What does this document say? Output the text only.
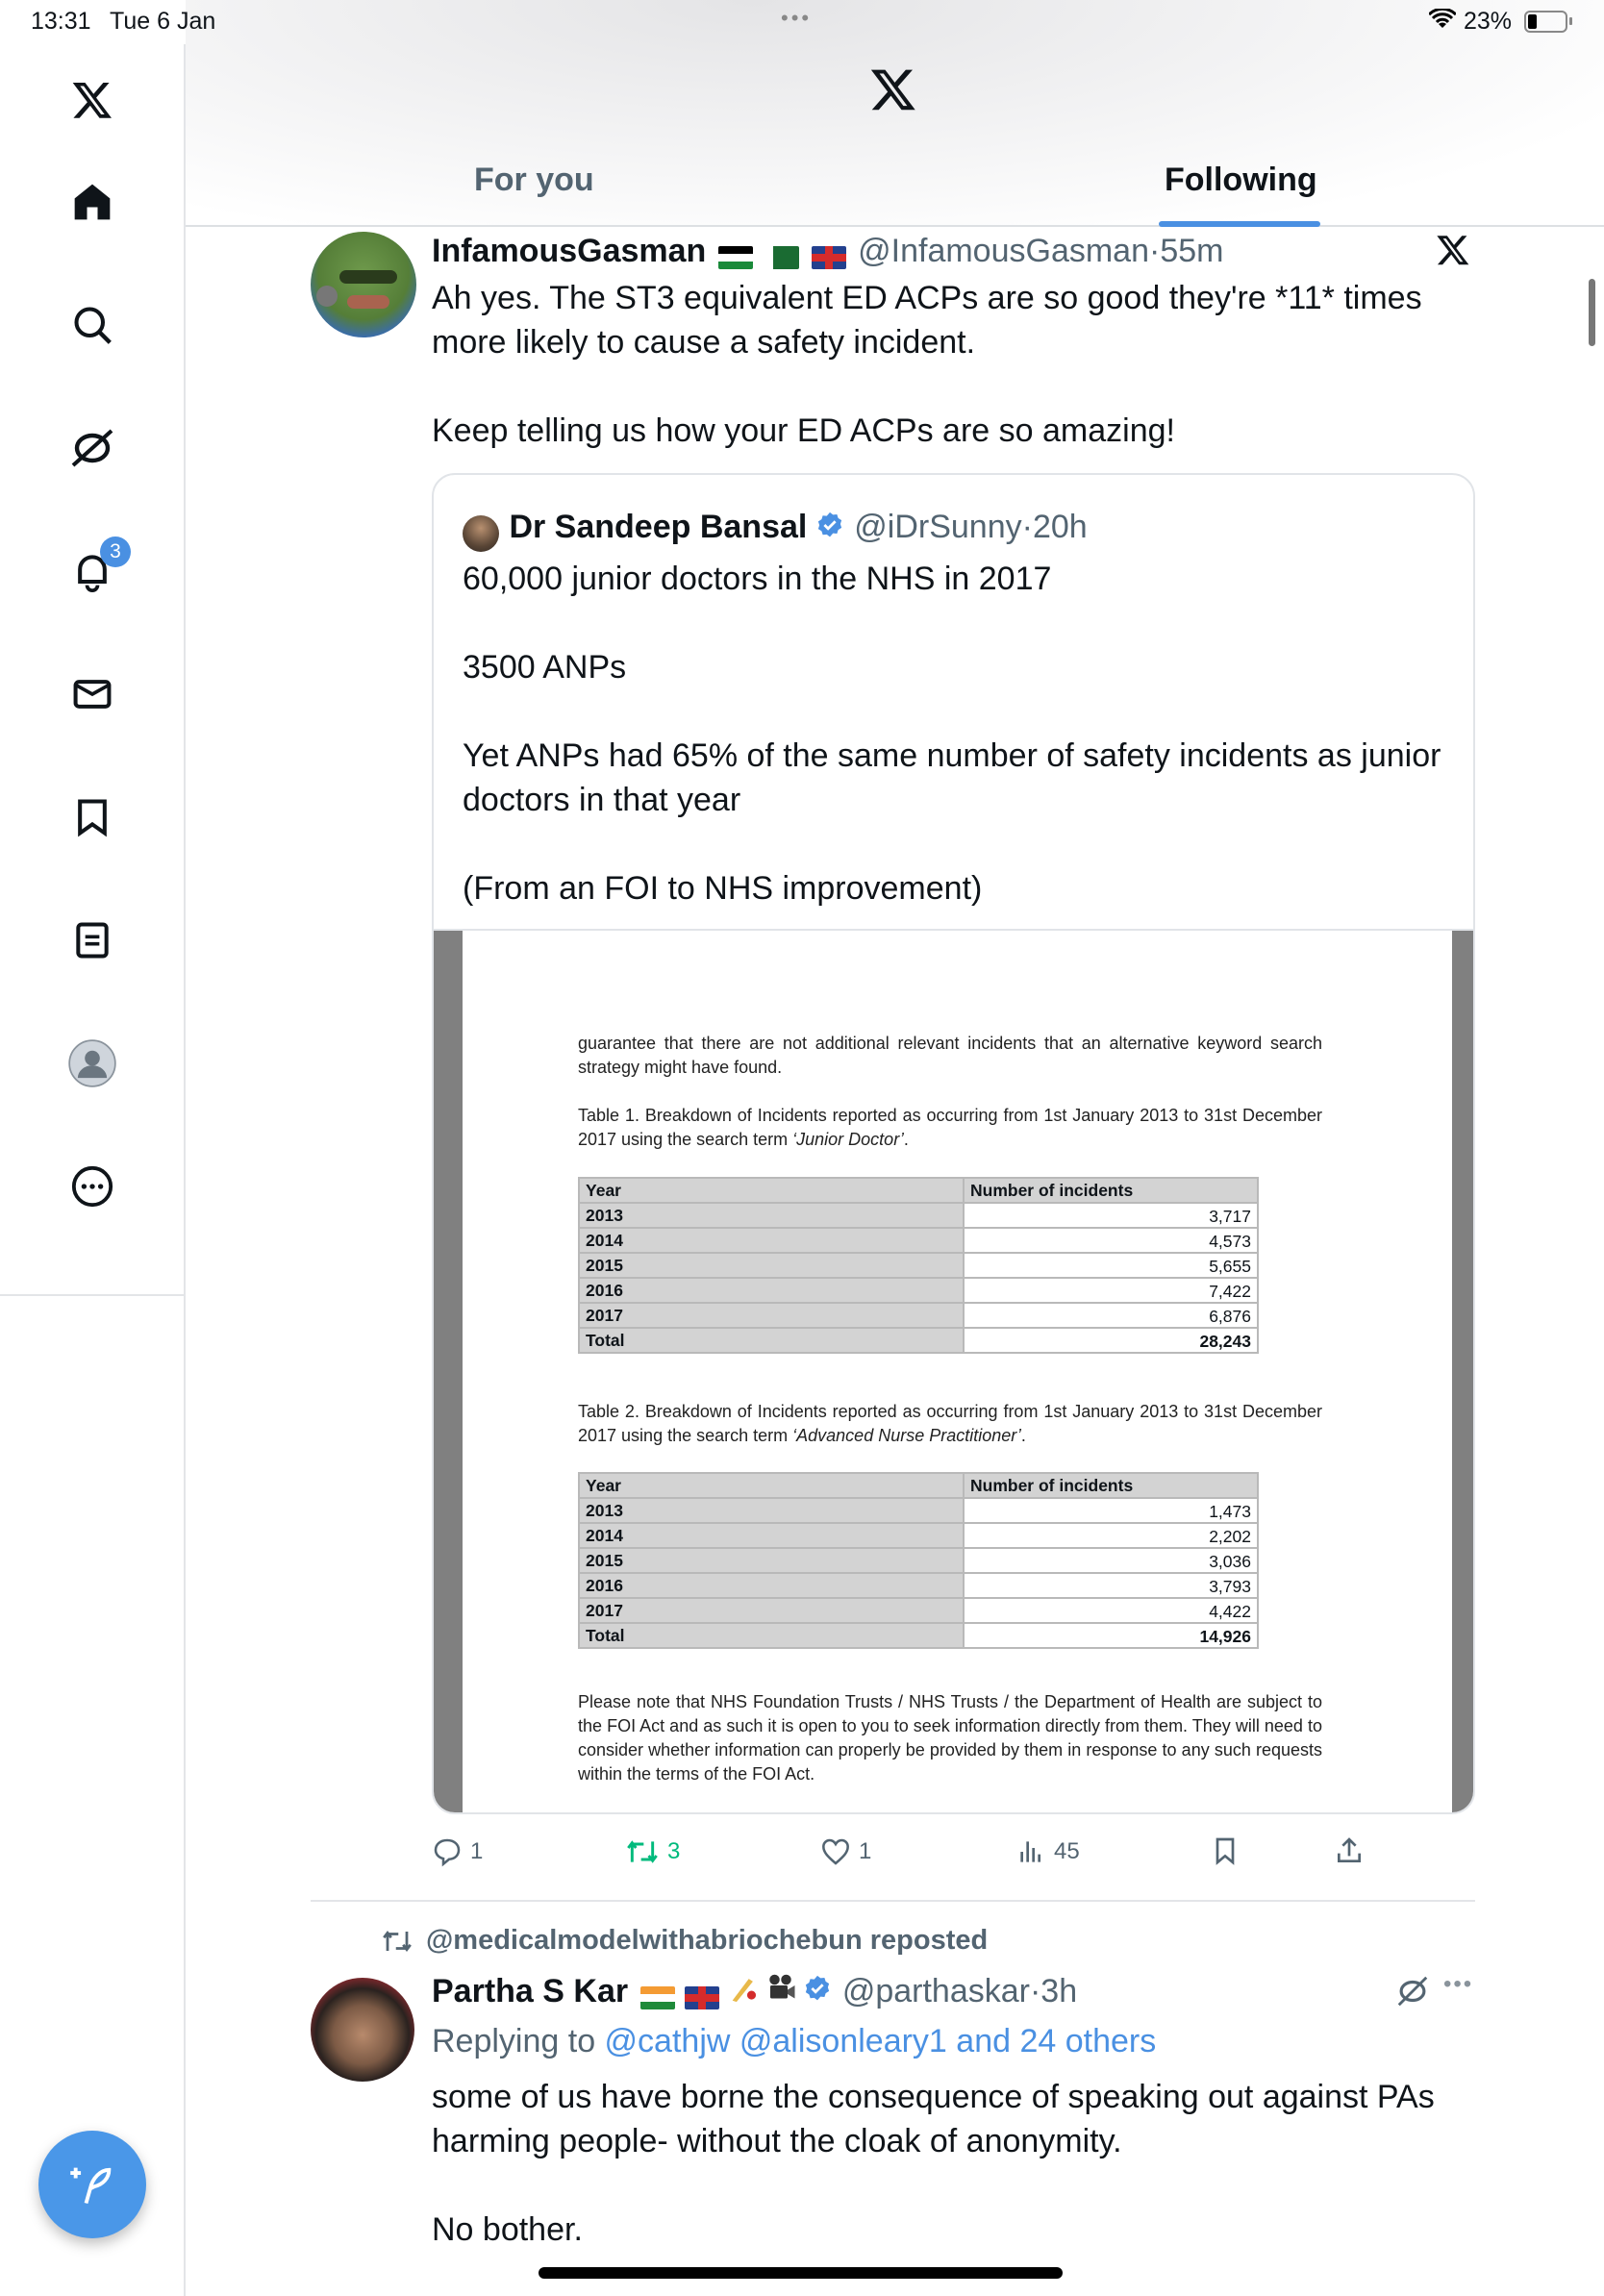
13:31 Tue 6 Jan	•••	23%
For you	Following
3
InfamousGasman	@InfamousGasman·55m
Ah yes. The ST3 equivalent ED ACPs are so good they're *11* times
more likely to cause a safety incident.
Keep telling us how your ED ACPs are so amazing!
Dr Sandeep Bansal @iDrSunny·20h
60,000 junior doctors in the NHS in 2017
3500 ANPs
Yet ANPs had 65% of the same number of safety incidents as junior
doctors in that year
(From an FOI to NHS improvement)
guarantee that there are not additional relevant incidents that an alternative keyword search strategy might have found.
Table 1. Breakdown of Incidents reported as occurring from 1st January 2013 to 31st December 2017 using the search term ‘Junior Doctor’.
Year	Number of incidents
2013	3,717
2014	4,573
2015	5,655
2016	7,422
2017	6,876
Total	28,243
Table 2. Breakdown of Incidents reported as occurring from 1st January 2013 to 31st December 2017 using the search term ‘Advanced Nurse Practitioner’.
Year	Number of incidents
2013	1,473
2014	2,202
2015	3,036
2016	3,793
2017	4,422
Total	14,926
Please note that NHS Foundation Trusts / NHS Trusts / the Department of Health are subject to the FOI Act and as such it is open to you to seek information directly from them. They will need to consider whether information can properly be provided by them in response to any such requests within the terms of the FOI Act.
1	3	1	45
@medicalmodelwithabriochebun reposted
Partha S Kar	@parthaskar·3h	•••
Replying to @cathjw @alisonleary1 and 24 others
some of us have borne the consequence of speaking out against PAs
harming people- without the cloak of anonymity.
No bother.
